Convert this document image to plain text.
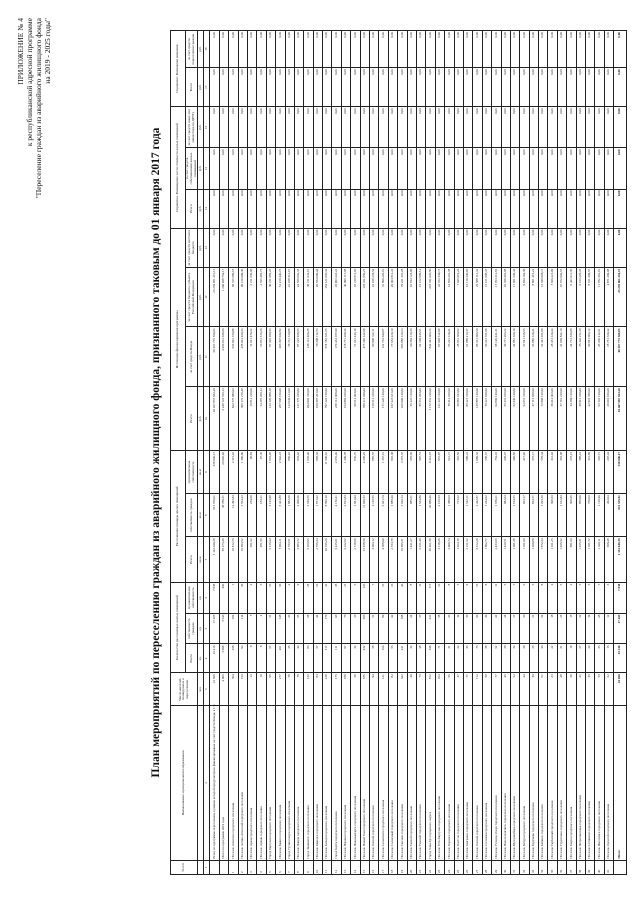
ПРИЛОЖЕНИЕ № 4 к республиканской адресной программе "Переселение граждан из аварийного жилищного фонда на 2019 - 2025 годы"
План мероприятий по переселению граждан из аварийного жилищного фонда, признанного таковым до 01 января 2017 года
№ п/п	Наименование муниципального образования	Число жителей, планируемых к переселению	Количество расселяемых жилых помещений			Расселяемая площадь жилых помещений			Источники финансирования программы				Справочно: Возмещение части стоимости жилых помещений			Справочно: Возможная экономия	
			Всего	собственность граждан	муниципальная собственность	Всего	собственность граждан	муниципальная собственность	Всего	за счет средств Фонда	за счет средств бюджета субъекта Российской Федерации	за счет средств местного бюджета	Всего	за счет средств собственников жилых помещений	за счет средств иных лиц (инвестора по ДРЗТ)	Всего	за счет средств переселения граждан

		чел.	ед.	ед.	ед.	кв.м	кв.м	кв.м	руб.	руб.	руб.	руб.	руб.	руб.	руб.	руб.	руб.
1	2	3	4	5	6	7	8	9	10	11	12	13	14	15	16	17	18
	Всего по программе переселения, в рамках которой предусмотрено финансирование за счет средств Фонда, в т.ч.:	41 690	25 410	17 285	7 838	1 152 049,38	813 559,01	338 040,17	92 467 867 932,20	60 367 775 569,05	23 259 961 216,15	0,00	0,00	0,00	0,00	0,00	0,00
	Итого по программе 2019 года	4 906	3 098	3 543	460	85 273,38	38 789,51	20 946,92	6 248 722 556,13	4 960 812 038,00	1 200 298 754,17	0,00	0,00	0,00	0,00	0,00	0,00
1	Поселок Агинское городского поселения	364	258	182	1	19 812,76	12 497,84	2 315,42	824 776 980,06	633 901 730,88	68 315 689,18	0,00	0,00	0,00	0,00	0,00	0,00
2	Поселок Акташ-Агинский городского поселения	154	94	114	35	10 993,52	7 554,23	1 380,90	395 172 210,48	238 001 920,33	99 120 999,30	0,00	0,00	0,00	0,00	0,00	0,00
3	Поселок Араза городского поселения	14	9	5	4	361,52	264,68	96,84	16 812 210,00	11 021 470,22	3 211 630,08	0,00	0,00	0,00	0,00	0,00	0,00
4	Поселок Аршан городского поселения	19	8	4	3	281,56	184,21	97,35	14 287 209,12	10 831 313,20	2 555 483,73	0,00	0,00	0,00	0,00	0,00	0,00
5	Город Баргузин городского поселения	96	67	51	16	3 216,44	2 143,98	1 072,46	134 120 980,18	87 410 290,33	30 211 082,25	0,00	0,00	0,00	0,00	0,00	0,00
6	Поселок Баянгол городского поселения	277	201	148	53	7 964,11	5 421,88	2 542,23	287 598 160,00	206 397 032,82	51 219 440,73	0,00	0,00	0,00	0,00	0,00	0,00
7	Город Гусиноозерск городского поселения	58	35	33	2	2 733,51	1 882,60	850,91	112 044 121,00	79 712 310,88	22 108 312,10	0,00	0,00	0,00	0,00	0,00	0,00
8	Поселок Джида городского поселения	78	44	35	9	2 983,72	2 050,30	933,42	121 776 019,00	87 226 930,55	24 556 002,33	0,00	0,00	0,00	0,00	0,00	0,00
9	Город Закаменск городского поселения	132	86	68	18	5 200,95	3 530,55	1 670,40	204 902 310,00	148 112 400,28	38 211 032,10	0,00	0,00	0,00	0,00	0,00	0,00
10	Поселок Каменск городского поселения	83	57	44	13	2 766,34	1 871,02	895,32	109 387 201,00	79 208 112,53	20 554 009,44	0,00	0,00	0,00	0,00	0,00	0,00
11	Поселок Кичера городского поселения	418	217	176	41	20 196,20	8 596,10	11 600,10	797 224 150,00	574 183 321,65	154 121 003,42	0,00	0,00	0,00	0,00	0,00	0,00
12	Город Кяхта городского поселения	175	111	93	18	6 225,61	4 170,21	2 055,40	238 112 909,00	170 432 187,09	45 903 441,22	0,00	0,00	0,00	0,00	0,00	0,00
13	Поселок Наушки городского поселения	189	97	76	21	4 222,62	2 812,84	1 409,78	164 884 010,00	118 771 209,34	30 990 117,08	0,00	0,00	0,00	0,00	0,00	0,00
14	Поселок Нижнеангарск городского поселения	68	32	26	6	2 518,69	1 681,94	836,75	98 612 003,00	71 012 443,19	18 219 811,03	0,00	0,00	0,00	0,00	0,00	0,00
15	Поселок Новый Уоян городского поселения	576	432	306	126	15 458,59	11 020,33	4 438,26	659 211 030,00	475 320 122,08	125 411 050,27	0,00	0,00	0,00	0,00	0,00	0,00
16	Поселок Онохой городского поселения	94	58	51	7	3 004,12	2 118,55	885,57	118 612 310,00	84 998 312,11	22 109 233,54	0,00	0,00	0,00	0,00	0,00	0,00
17	Поселок Селенгинск городского поселения	121	104	89	15	4 388,90	3 021,74	1 367,16	171 220 120,00	122 733 040,87	31 899 220,10	0,00	0,00	0,00	0,00	0,00	0,00
18	Поселок Солнечный городского поселения	82	55	42	13	2 733,78	1 888,40	845,38	107 223 911,00	77 054 220,19	20 003 812,41	0,00	0,00	0,00	0,00	0,00	0,00
19	Поселок Таксимо городского поселения	342	241	198	43	10 995,51	7 620,14	3 375,37	426 909 120,00	306 888 120,53	79 221 301,28	0,00	0,00	0,00	0,00	0,00	0,00
20	Поселок Танхой городского поселения	49	32	24	8	1 441,27	985,61	455,66	56 223 110,00	40 382 110,30	10 554 123,09	0,00	0,00	0,00	0,00	0,00	0,00
21	Поселок Тимлюй городского поселения	73	48	37	11	2 221,40	1 523,89	697,51	86 611 203,00	62 109 445,51	16 212 009,14	0,00	0,00	0,00	0,00	0,00	0,00
22	Город Улан-Удэ городского округа	812	548	431	117	30 201,58	20 889,40	9 312,18	1 172 331 210,00	842 441 003,74	218 331 020,50	0,00	0,00	0,00	0,00	0,00	0,00
23	Поселок Усть-Баргузин городского поселения	104	71	58	13	3 118,20	2 166,33	951,87	121 223 110,00	87 009 312,08	22 612 340,11	0,00	0,00	0,00	0,00	0,00	0,00
24	Поселок Хоринск городского поселения	66	41	33	8	2 009,74	1 388,03	621,71	78 412 010,00	56 221 120,41	14 660 201,38	0,00	0,00	0,00	0,00	0,00	0,00
25	Поселок Холтсон городского поселения	37	24	19	5	1 024,18	713,62	310,56	39 881 012,00	28 661 300,82	7 446 019,24	0,00	0,00	0,00	0,00	0,00	0,00
26	Поселок Заиграево городского поселения	71	45	36	9	2 211,52	1 522,11	689,41	86 221 310,00	61 889 213,37	16 119 340,05	0,00	0,00	0,00	0,00	0,00	0,00
27	Поселок Онохой городского поселения	112	75	60	15	3 512,20	2 422,87	1 089,33	136 887 120,00	98 331 006,50	25 588 113,41	0,00	0,00	0,00	0,00	0,00	0,00
28	Поселок Сосновка городского поселения	58	38	30	8	1 802,77	1 244,62	558,15	70 221 010,00	50 412 331,08	13 121 008,47	0,00	0,00	0,00	0,00	0,00	0,00
29	Поселок Гусиное Озеро городского поселения	77	52	41	11	2 433,66	1 679,21	754,45	94 809 120,00	68 120 441,31	17 703 212,66	0,00	0,00	0,00	0,00	0,00	0,00
30	Поселок Новоселенгинск городского поселения	46	30	24	6	1 420,51	982,04	438,47	55 331 010,00	39 771 203,22	10 339 401,08	0,00	0,00	0,00	0,00	0,00	0,00
31	Поселок Мухоршибирь городского поселения	52	34	27	7	1 601,38	1 104,55	496,83	62 430 120,00	44 881 320,19	11 661 230,43	0,00	0,00	0,00	0,00	0,00	0,00
32	Поселок Бичура городского поселения	44	29	23	6	1 351,09	933,17	417,92	52 661 310,00	37 841 010,55	9 844 102,38	0,00	0,00	0,00	0,00	0,00	0,00
33	Поселок Курумкан городского поселения	39	26	21	5	1 209,88	834,71	375,17	47 112 030,00	33 880 120,41	8 801 413,22	0,00	0,00	0,00	0,00	0,00	0,00
34	Поселок Кабанск городского поселения	61	40	32	8	1 872,44	1 293,10	579,34	72 998 120,00	52 441 031,89	13 630 008,11	0,00	0,00	0,00	0,00	0,00	0,00
35	Поселок Тарбагатай городского поселения	33	22	18	4	1 011,25	698,33	312,92	39 412 003,00	28 331 120,44	7 360 221,09	0,00	0,00	0,00	0,00	0,00	0,00
36	Поселок Турунтаево городского поселения	48	31	25	6	1 466,52	1 012,84	453,68	57 110 210,00	41 039 822,10	10 672 004,53	0,00	0,00	0,00	0,00	0,00	0,00
37	Поселок Кырен городского поселения	29	19	15	4	881,60	608,45	273,15	34 389 110,00	24 712 334,08	6 421 011,36	0,00	0,00	0,00	0,00	0,00	0,00
38	Поселок Петропавловка городского поселения	41	27	22	5	1 255,31	866,90	388,41	48 912 010,00	35 142 211,20	9 133 220,47	0,00	0,00	0,00	0,00	0,00	0,00
39	Поселок Сотниково городского поселения	36	24	19	5	1 101,72	760,03	341,69	42 901 330,00	30 841 003,12	8 011 209,55	0,00	0,00	0,00	0,00	0,00	0,00
40	Поселок Иволгинск городского поселения	53	35	28	7	1 620,11	1 118,40	501,71	63 101 120,00	45 330 412,61	11 782 301,10	0,00	0,00	0,00	0,00	0,00	0,00
41	Поселок Оронгой городского поселения	22	15	12	3	669,48	462,04	207,44	26 091 010,00	18 751 330,42	4 871 209,08	0,00	0,00	0,00	0,00	0,00	0,00
	Итого	41 690	25 410	17 285	7 838	1 152 049,38	813 559,01	338 040,17	92 467 867 932,20	60 367 775 569,05	23 259 961 216,15	0,00	0,00	0,00	0,00	0,00	0,00
